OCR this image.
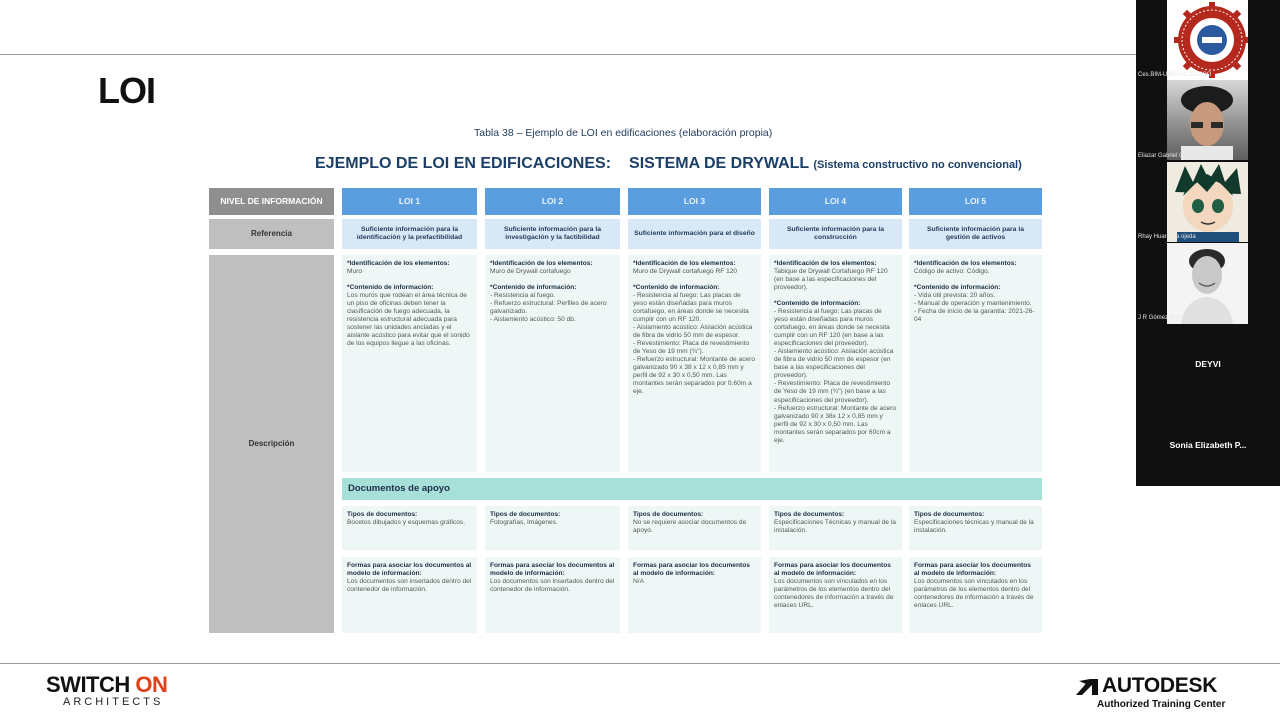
LOI
Tabla 38 – Ejemplo de LOI en edificaciones (elaboración propia)
EJEMPLO DE LOI EN EDIFICACIONES: SISTEMA DE DRYWALL (Sistema constructivo no convencional)
NIVEL DE INFORMACIÓN
Referencia
Descripción
LOI 1
Suficiente información para la identificación y la prefactibilidad

*Identificación de los elementos:

Muro

*Contenido de información:

Los muros que rodean el área técnica de un piso de oficinas deben tener la clasificación de fuego adecuada, la resistencia estructural adecuada para sostener las unidades ancladas y el aislante acústico para evitar que el sonido de los equipos llegue a las oficinas.

LOI 2
Suficiente información para la investigación y la factibilidad

*Identificación de los elementos:

Muro de Drywall cortafuego

*Contenido de información:

- Resistencia al fuego.
- Refuerzo estructural: Perfiles de acero galvanizado.
- Aislamiento acústico: 50 db.

LOI 3
Suficiente información para el diseño

*Identificación de los elementos:

Muro de Drywall cortafuego RF 120

*Contenido de información:

- Resistencia al fuego: Las placas de yeso están diseñadas para muros cortafuego, en áreas donde se necesita cumplir con un RF 120.
- Aislamiento acústico: Aislación acústica de fibra de vidrio 50 mm de espesor.
- Revestimiento: Placa de revestimiento de Yeso de 19 mm (¾").
- Refuerzo estructural: Montante de acero galvanizado 90 x 38 x 12 x 0,85 mm y perfil de 92 x 30 x 0,50 mm. Las montantes serán separados por 0.60m a eje.

LOI 4
Suficiente información para la construcción

*Identificación de los elementos:

Tabique de Drywall Cortafuego RF 120 (en base a las especificaciones del proveedor).

*Contenido de información:

- Resistencia al fuego: Las placas de yeso están diseñadas para muros cortafuego, en áreas donde se necesita cumplir con un RF 120 (en base a las especificaciones del proveedor).
- Aislamiento acústico: Aislación acústica de fibra de vidrio 50 mm de espesor (en base a las especificaciones del proveedor).
- Revestimiento: Placa de revestimiento de Yeso de 19 mm (¾") (en base a las especificaciones del proveedor).
- Refuerzo estructural: Montante de acero galvanizado 90 x 38x 12 x 0,85 mm y perfil de 92 x 30 x 0,50 mm. Las montantes serán separados por 60cm a eje.

LOI 5
Suficiente información para la gestión de activos

*Identificación de los elementos:

Código de activo: Código.

*Contenido de información:

- Vida útil prevista: 20 años.
- Manual de operación y mantenimiento.
- Fecha de inicio de la garantía: 2021-26-04

Documentos de apoyo

Tipos de documentos:

Bocetos dibujados y esquemas gráficos.

Tipos de documentos:

Fotografías, Imágenes.

Tipos de documentos:

No se requiere asociar documentos de apoyo.

Tipos de documentos:

Especificaciones Técnicas y manual de la instalación.

Tipos de documentos:

Especificaciones técnicas y manual de la instalación.

Formas para asociar los documentos al modelo de información:

Los documentos son insertados dentro del contenedor de información.

Formas para asociar los documentos al modelo de información:

Los documentos son insertados dentro del contenedor de información.

Formas para asociar los documentos al modelo de información:

N/A

Formas para asociar los documentos al modelo de información:

Los documentos son vinculados en los parámetros de los elementos dentro del contenedores de información a través de enlaces URL.

Formas para asociar los documentos al modelo de información:

Los documentos son vinculados en los parámetros de los elementos dentro del contenedores de información a través de enlaces URL.

Ces.BIM-UNSAAC CUSCO
Eliazar Gabriel Ccapa Bayona
Rhay Huarcaya ojeda
J R Gómez Ochoa
DEYVI
Sonia Elizabeth P...
SWITCH ON
ARCHITECTS
AUTODESK
Authorized Training Center
